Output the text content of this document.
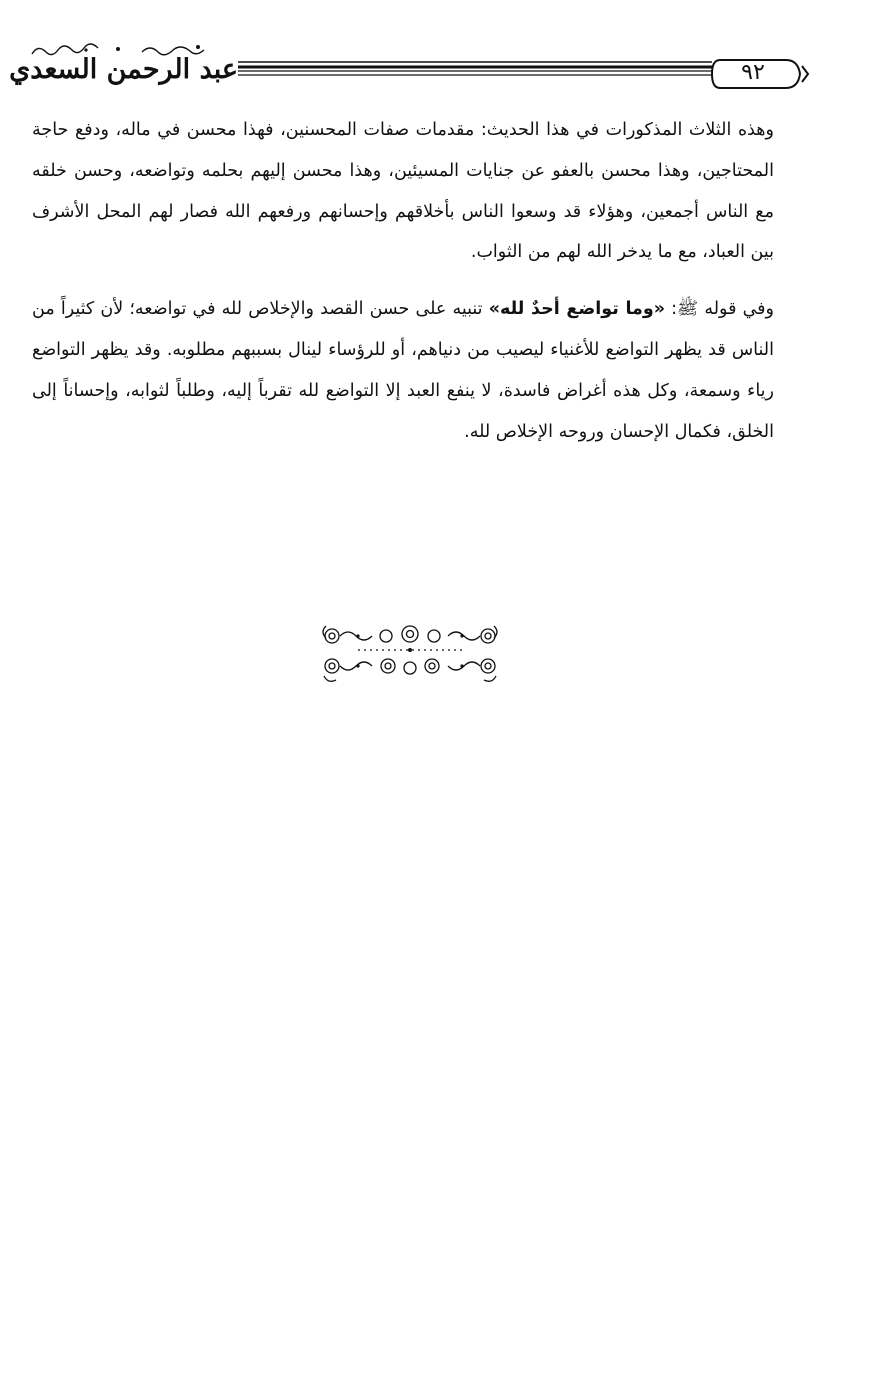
٩٢
عبد الرحمن السعدي

وهذه الثلاث المذكورات في هذا الحديث: مقدمات صفات المحسنين، فهذا محسن في ماله، ودفع حاجة المحتاجين، وهذا محسن بالعفو عن جنايات المسيئين، وهذا محسن إليهم بحلمه وتواضعه، وحسن خلقه مع الناس أجمعين، وهؤلاء قد وسعوا الناس بأخلاقهم وإحسانهم ورفعهم الله فصار لهم المحل الأشرف بين العباد، مع ما يدخر الله لهم من الثواب.

وفي قوله ﷺ: «وما تواضع أحدٌ لله» تنبيه على حسن القصد والإخلاص لله في تواضعه؛ لأن كثيراً من الناس قد يظهر التواضع للأغنياء ليصيب من دنياهم، أو للرؤساء لينال بسببهم مطلوبه. وقد يظهر التواضع رياء وسمعة، وكل هذه أغراض فاسدة، لا ينفع العبد إلا التواضع لله تقرباً إليه، وطلباً لثوابه، وإحساناً إلى الخلق، فكمال الإحسان وروحه الإخلاص لله.
